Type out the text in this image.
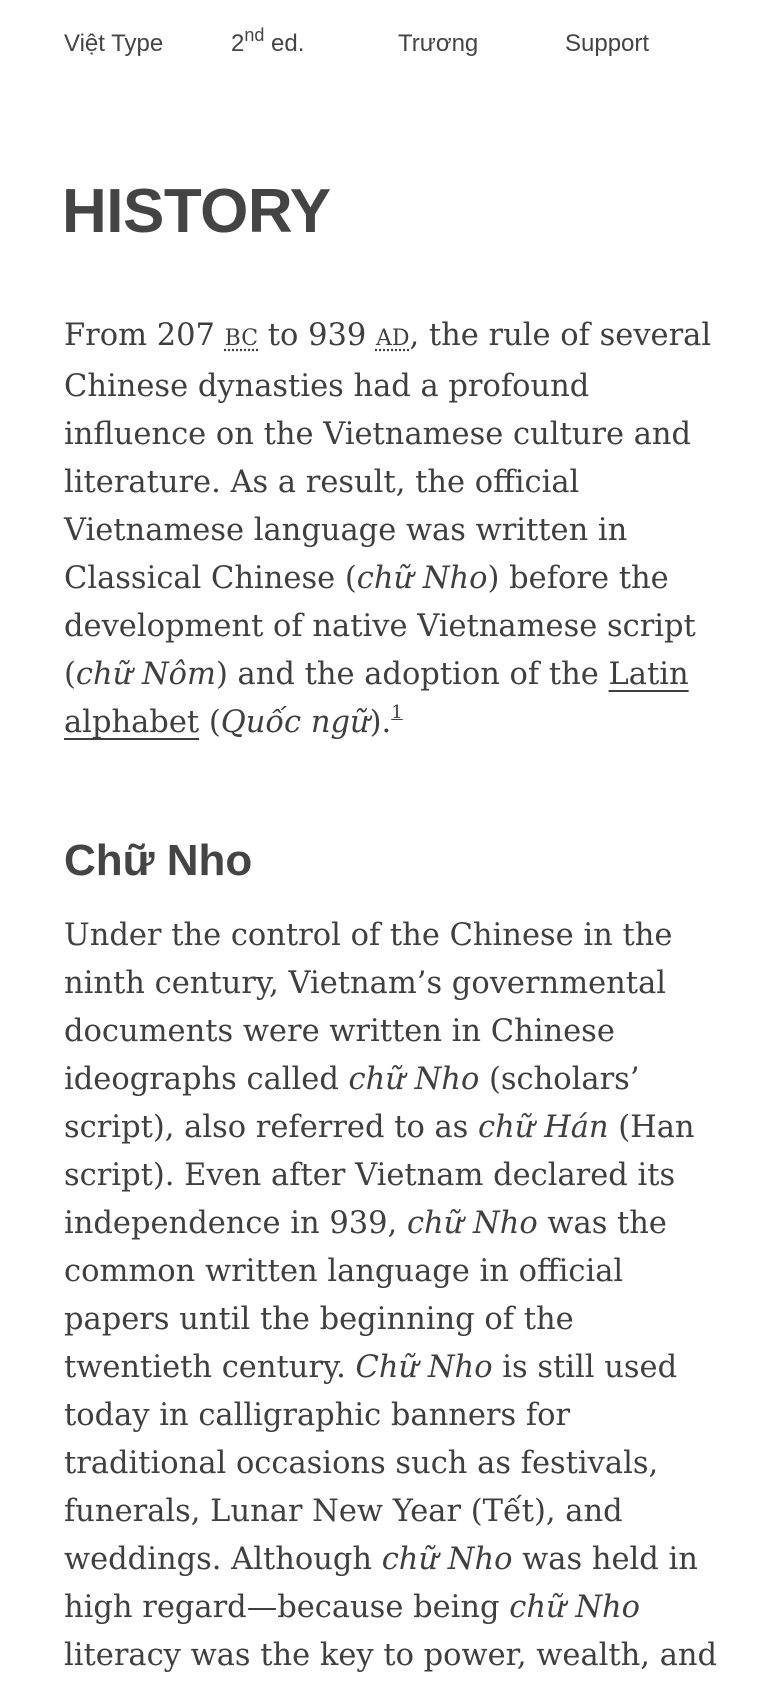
Việt Type	2nd ed.	Trương	Support
HISTORY

From 207 BC to 939 AD, the rule of several
Chinese dynasties had a profound
influence on the Vietnamese culture and
literature. As a result, the official
Vietnamese language was written in
Classical Chinese (chữ Nho) before the
development of native Vietnamese script
(chữ Nôm) and the adoption of the Latin
alphabet (Quốc ngữ).$^1$

Chữ Nho

Under the control of the Chinese in the
ninth century, Vietnam’s governmental
documents were written in Chinese
ideographs called chữ Nho (scholars’
script), also referred to as chữ Hán (Han
script). Even after Vietnam declared its
independence in 939, chữ Nho was the
common written language in official
papers until the beginning of the
twentieth century. Chữ Nho is still used
today in calligraphic banners for
traditional occasions such as festivals,
funerals, Lunar New Year (Tết), and
weddings. Although chữ Nho was held in
high regard—because being chữ Nho
literacy was the key to power, wealth, and
